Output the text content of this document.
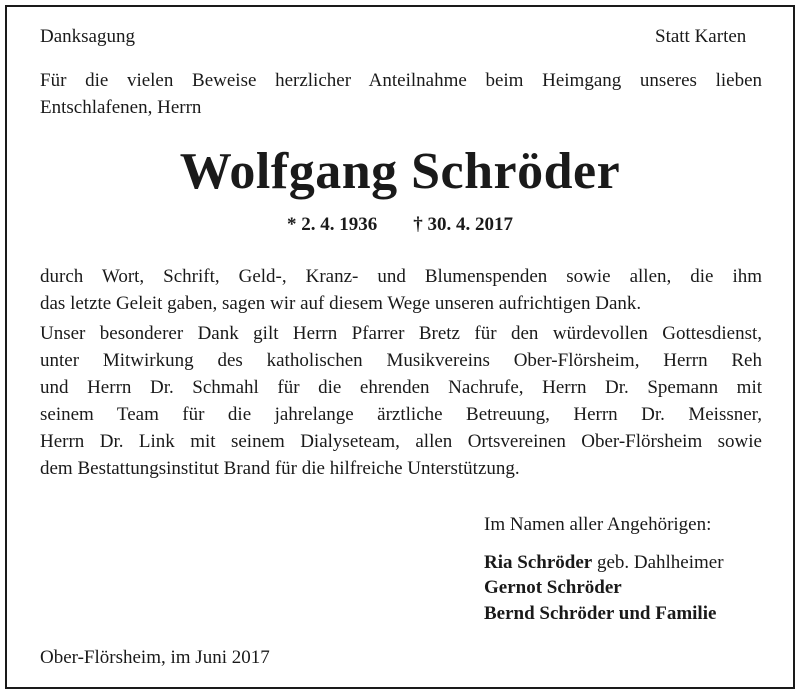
Danksagung	Statt Karten
Für die vielen Beweise herzlicher Anteilnahme beim Heimgang unseres lieben
Entschlafenen, Herrn
Wolfgang Schröder
* 2. 4. 1936 † 30. 4. 2017
durch Wort, Schrift, Geld-, Kranz- und Blumenspenden sowie allen, die ihm
das letzte Geleit gaben, sagen wir auf diesem Wege unseren aufrichtigen Dank.
Unser besonderer Dank gilt Herrn Pfarrer Bretz für den würdevollen Gottesdienst,
unter Mitwirkung des katholischen Musikvereins Ober-Flörsheim, Herrn Reh
und Herrn Dr. Schmahl für die ehrenden Nachrufe, Herrn Dr. Spemann mit
seinem Team für die jahrelange ärztliche Betreuung, Herrn Dr. Meissner,
Herrn Dr. Link mit seinem Dialyseteam, allen Ortsvereinen Ober-Flörsheim sowie
dem Bestattungsinstitut Brand für die hilfreiche Unterstützung.
Im Namen aller Angehörigen:
Ria Schröder geb. Dahlheimer
Gernot Schröder
Bernd Schröder und Familie
Ober-Flörsheim, im Juni 2017
